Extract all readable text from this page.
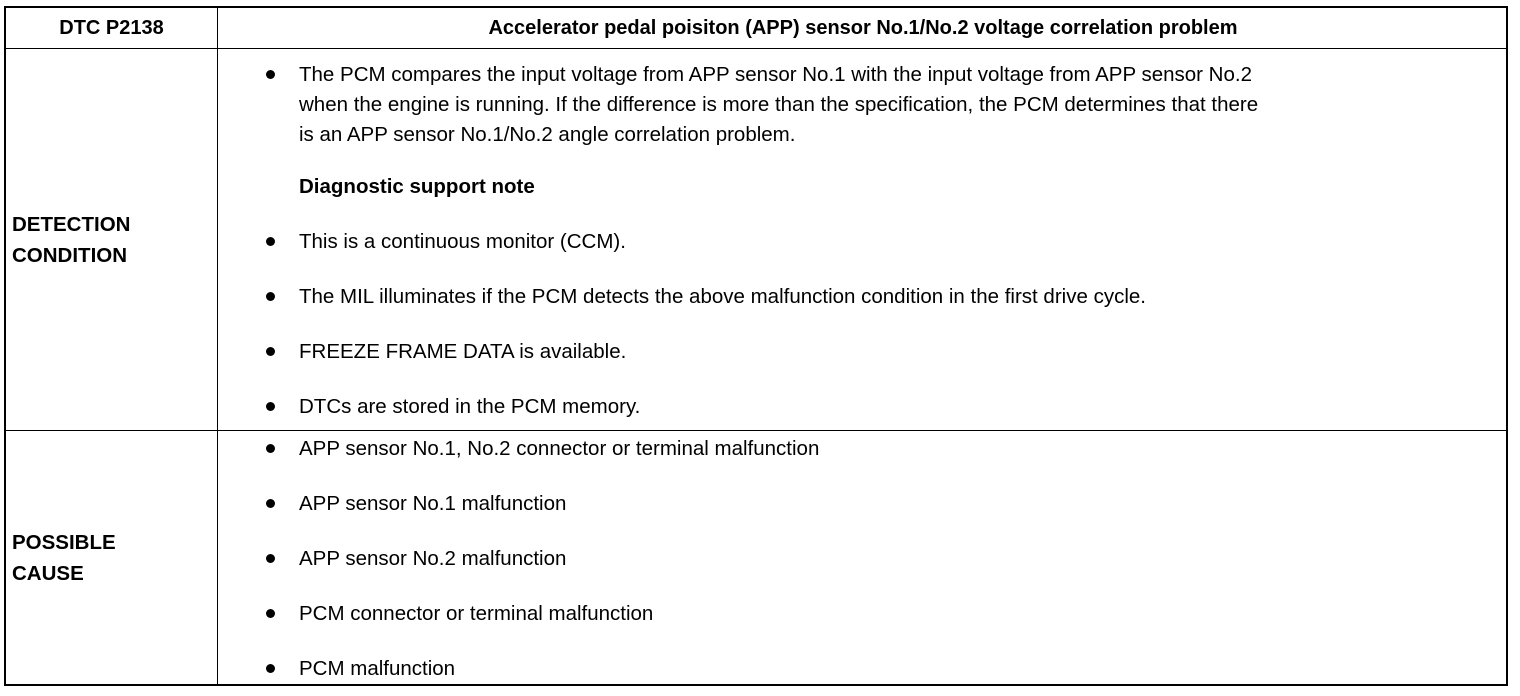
DTC P2138	Accelerator pedal poisiton (APP) sensor No.1/No.2 voltage correlation problem
DETECTION
CONDITION
POSSIBLE
CAUSE
The PCM compares the input voltage from APP sensor No.1 with the input voltage from APP sensor No.2
when the engine is running. If the difference is more than the specification, the PCM determines that there
is an APP sensor No.1/No.2 angle correlation problem.
Diagnostic support note
This is a continuous monitor (CCM).
The MIL illuminates if the PCM detects the above malfunction condition in the first drive cycle.
FREEZE FRAME DATA is available.
DTCs are stored in the PCM memory.
APP sensor No.1, No.2 connector or terminal malfunction
APP sensor No.1 malfunction
APP sensor No.2 malfunction
PCM connector or terminal malfunction
PCM malfunction
